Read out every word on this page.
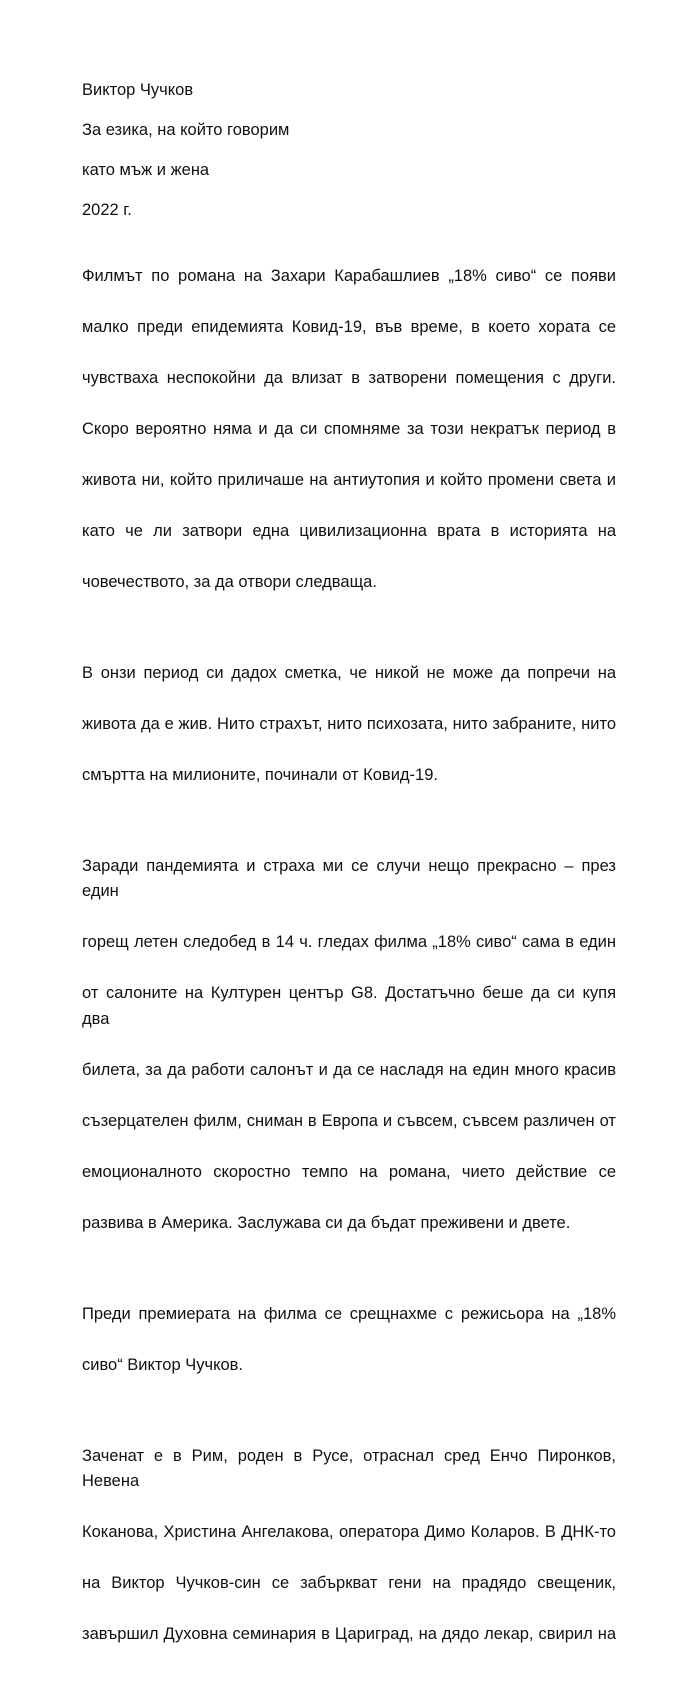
Виктор Чучков
За езика, на който говорим
като мъж и жена
2022 г.

Филмът по романа на Захари Карабашлиев „18% сиво“ се появи

малко преди епидемията Ковид-19, във време, в което хората се

чувстваха неспокойни да влизат в затворени помещения с други.

Скоро вероятно няма и да си спомняме за този некратък период в

живота ни, който приличаше на антиутопия и който промени света и

като че ли затвори една цивилизационна врата в историята на

човечеството, за да отвори следваща.

В онзи период си дадох сметка, че никой не може да попречи на

живота да е жив. Нито страхът, нито психозата, нито забраните, нито

смъртта на милионите, починали от Ковид-19.

Заради пандемията и страха ми се случи нещо прекрасно – през един

горещ летен следобед в 14 ч. гледах филма „18% сиво“ сама в един

от салоните на Културен център G8. Достатъчно беше да си купя два

билета, за да работи салонът и да се насладя на един много красив

съзерцателен филм, сниман в Европа и съвсем, съвсем различен от

емоционалното скоростно темпо на романа, чието действие се

развива в Америка. Заслужава си да бъдат преживени и двете.

Преди премиерата на филма се срещнахме с режисьора на „18%

сиво“ Виктор Чучков.

Заченат е в Рим, роден в Русе, отраснал сред Енчо Пиронков, Невена

Коканова, Христина Ангелакова, оператора Димо Коларов. В ДНК-то

на Виктор Чучков-син се забъркват гени на прадядо свещеник,

завършил Духовна семинария в Цариград, на дядо лекар, свирил на
